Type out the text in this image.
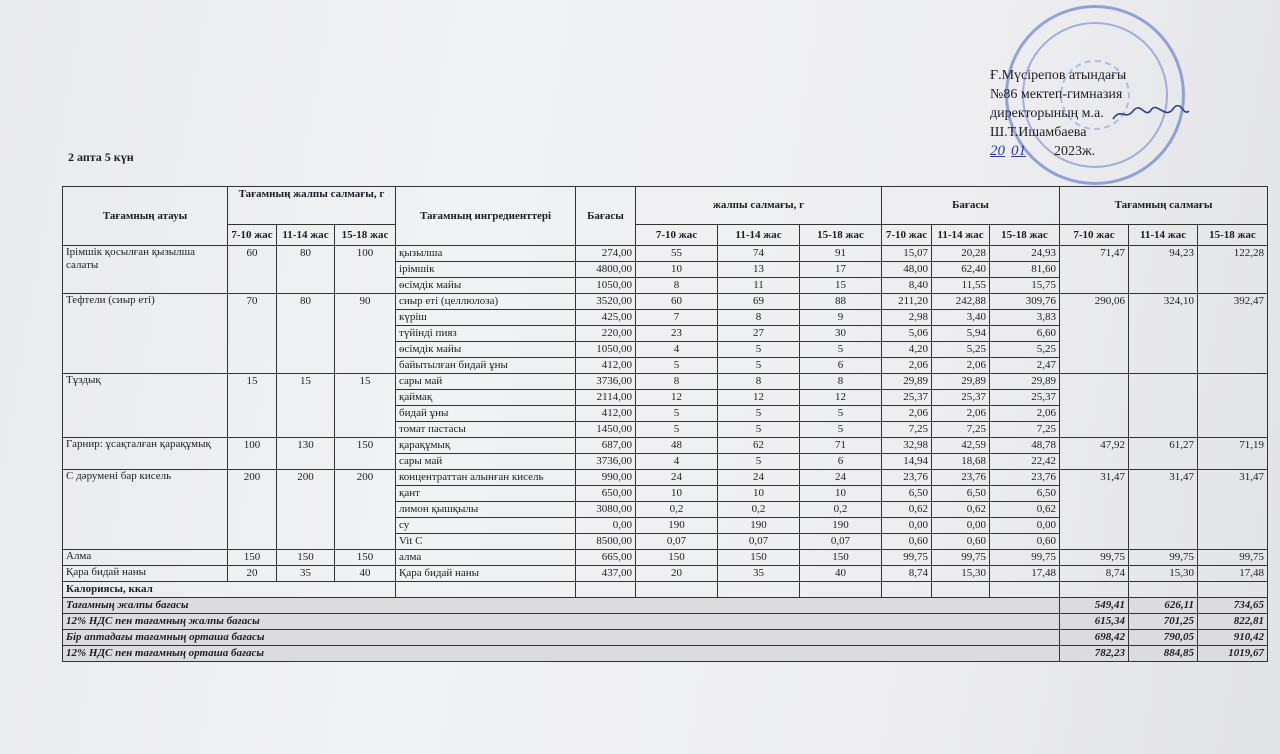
Ғ.Мүсірепов атындағы
№86 мектеп-гимназия
директорының м.а.
Ш.Т.Ишамбаева
20 01 2023ж.
2 апта 5 күн
Тағамның атауы	Тағамның жалпы салмағы, г			Тағамның ингредиенттері	Бағасы	жалпы салмағы, г			Бағасы			Тағамның салмағы		
	7-10 жас	11-14 жас	15-18 жас			7-10 жас	11-14 жас	15-18 жас	7-10 жас	11-14 жас	15-18 жас	7-10 жас	11-14 жас	15-18 жас
Ірімшік қосылған қызылша салаты	60	80	100	қызылша	274,00	55	74	91	15,07	20,28	24,93	71,47	94,23	122,28
				ірімшік	4800,00	10	13	17	48,00	62,40	81,60			
				өсімдік майы	1050,00	8	11	15	8,40	11,55	15,75			
Тефтели (сиыр еті)	70	80	90	сиыр еті (целлюлоза)	3520,00	60	69	88	211,20	242,88	309,76	290,06	324,10	392,47
				күріш	425,00	7	8	9	2,98	3,40	3,83			
				түйінді пияз	220,00	23	27	30	5,06	5,94	6,60			
				өсімдік майы	1050,00	4	5	5	4,20	5,25	5,25			
				байытылған бидай ұны	412,00	5	5	6	2,06	2,06	2,47			
Тұздық	15	15	15	сары май	3736,00	8	8	8	29,89	29,89	29,89			
				қаймақ	2114,00	12	12	12	25,37	25,37	25,37			
				бидай ұны	412,00	5	5	5	2,06	2,06	2,06			
				томат пастасы	1450,00	5	5	5	7,25	7,25	7,25			
Гарнир: ұсақталған қарақұмық	100	130	150	қарақұмық	687,00	48	62	71	32,98	42,59	48,78	47,92	61,27	71,19
				сары май	3736,00	4	5	6	14,94	18,68	22,42			
С дәрумені бар кисель	200	200	200	концентраттан алынған кисель	990,00	24	24	24	23,76	23,76	23,76	31,47	31,47	31,47
				қант	650,00	10	10	10	6,50	6,50	6,50			
				лимон қышқылы	3080,00	0,2	0,2	0,2	0,62	0,62	0,62			
				су	0,00	190	190	190	0,00	0,00	0,00			
				Vit C	8500,00	0,07	0,07	0,07	0,60	0,60	0,60			
Алма	150	150	150	алма	665,00	150	150	150	99,75	99,75	99,75	99,75	99,75	99,75
Қара бидай наны	20	35	40	Қара бидай наны	437,00	20	35	40	8,74	15,30	17,48	8,74	15,30	17,48
Калориясы, ккал														
Тағамның жалпы бағасы												549,41	626,11	734,65
12% НДС пен тағамның жалпы бағасы												615,34	701,25	822,81
Бір аптадағы тағамның орташа бағасы												698,42	790,05	910,42
12% НДС пен тағамның орташа бағасы												782,23	884,85	1019,67
